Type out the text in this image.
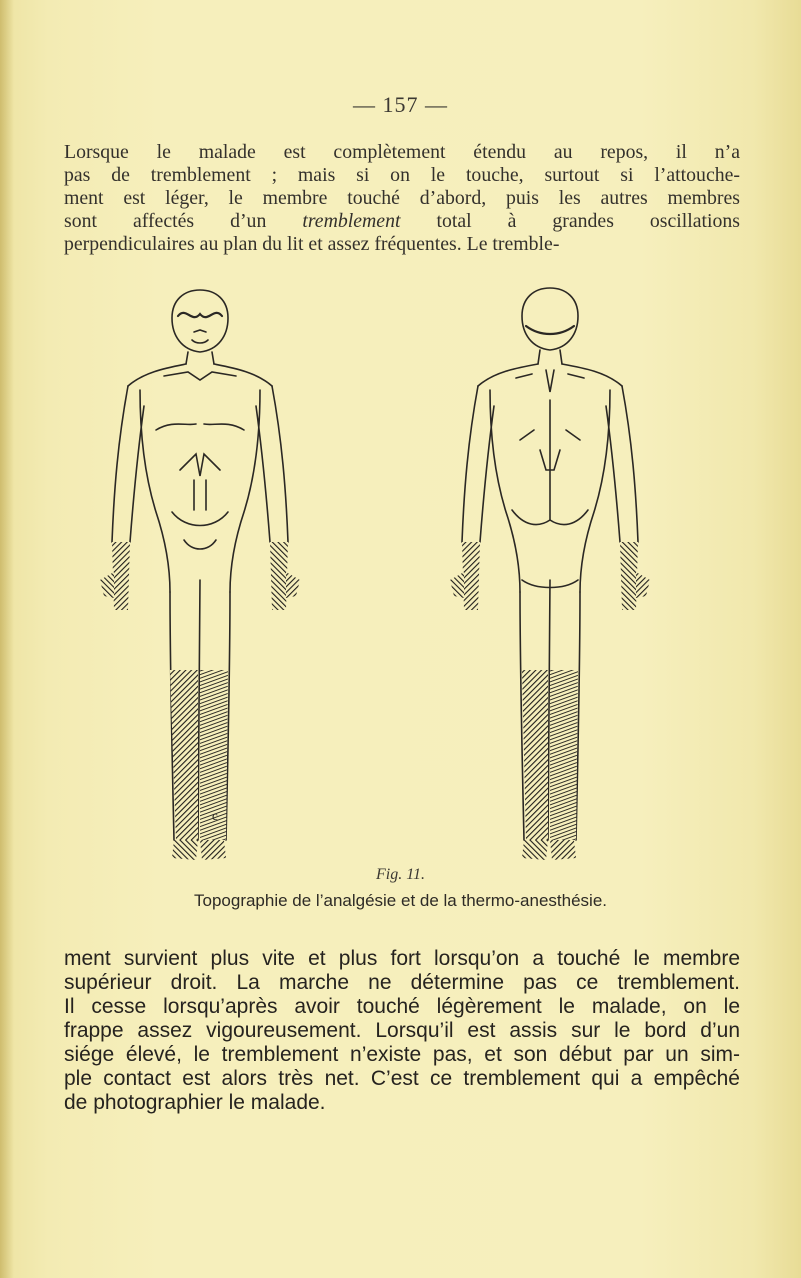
— 157 —

Lorsque le malade est complètement étendu au repos, il n’a
pas de tremblement ; mais si on le touche, surtout si l’attouche-
ment est léger, le membre touché d’abord, puis les autres membres
sont affectés d’un tremblement total à grandes oscillations
perpendiculaires au plan du lit et assez fréquentes. Le tremble-

c
Fig. 11.
Topographie de l’analgésie et de la thermo-anesthésie.

ment survient plus vite et plus fort lorsqu’on a touché le membre
supérieur droit. La marche ne détermine pas ce tremblement.
Il cesse lorsqu’après avoir touché légèrement le malade, on le
frappe assez vigoureusement. Lorsqu’il est assis sur le bord d’un
siége élevé, le tremblement n’existe pas, et son début par un sim-
ple contact est alors très net. C’est ce tremblement qui a empêché
de photographier le malade.
